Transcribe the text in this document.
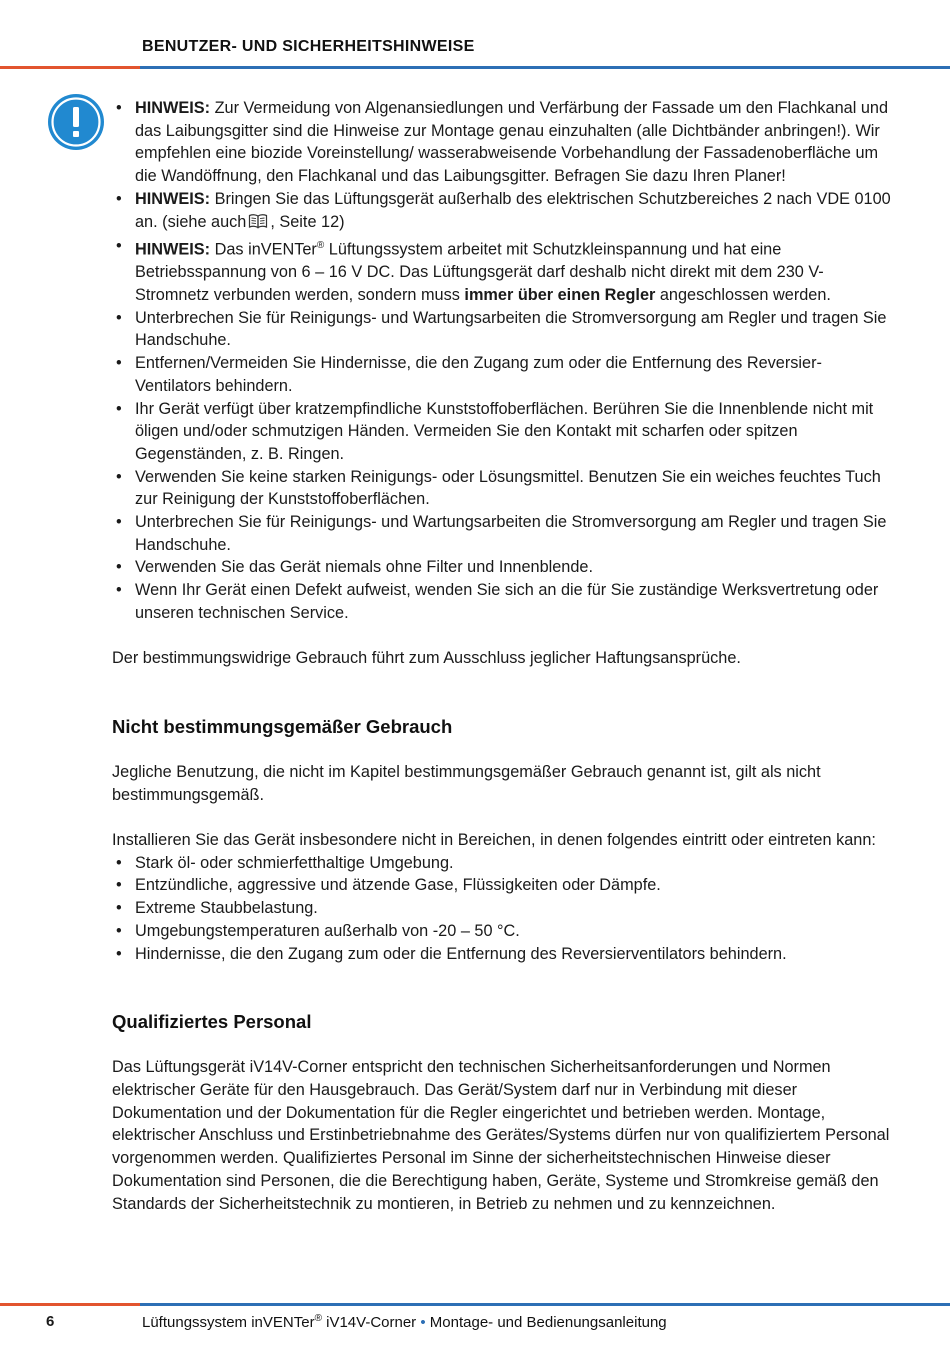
BENUTZER- UND SICHERHEITSHINWEISE
• HINWEIS: Zur Vermeidung von Algenansiedlungen und Verfärbung der Fassade um den Flachkanal und das Laibungsgitter sind die Hinweise zur Montage genau einzuhalten (alle Dichtbänder anbringen!). Wir empfehlen eine biozide Voreinstellung/ wasserabweisende Vorbehandlung der Fassadenoberfläche um die Wandöffnung, den Flachkanal und das Laibungsgitter. Befragen Sie dazu Ihren Planer!
• HINWEIS: Bringen Sie das Lüftungsgerät außerhalb des elektrischen Schutzbereiches 2 nach VDE 0100 an. (siehe auch , Seite 12)
• HINWEIS: Das inVENTer® Lüftungssystem arbeitet mit Schutzkleinspannung und hat eine Betriebsspannung von 6 – 16 V DC. Das Lüftungsgerät darf deshalb nicht direkt mit dem 230 V-Stromnetz verbunden werden, sondern muss immer über einen Regler angeschlossen werden.
• Unterbrechen Sie für Reinigungs- und Wartungsarbeiten die Stromversorgung am Regler und tragen Sie Handschuhe.
• Entfernen/Vermeiden Sie Hindernisse, die den Zugang zum oder die Entfernung des Reversier-Ventilators behindern.
• Ihr Gerät verfügt über kratzempfindliche Kunststoffoberflächen. Berühren Sie die Innenblende nicht mit öligen und/oder schmutzigen Händen. Vermeiden Sie den Kontakt mit scharfen oder spitzen Gegenständen, z. B. Ringen.
• Verwenden Sie keine starken Reinigungs- oder Lösungsmittel. Benutzen Sie ein weiches feuchtes Tuch zur Reinigung der Kunststoffoberflächen.
• Unterbrechen Sie für Reinigungs- und Wartungsarbeiten die Stromversorgung am Regler und tragen Sie Handschuhe.
• Verwenden Sie das Gerät niemals ohne Filter und Innenblende.
• Wenn Ihr Gerät einen Defekt aufweist, wenden Sie sich an die für Sie zuständige Werksvertretung oder unseren technischen Service.

Der bestimmungswidrige Gebrauch führt zum Ausschluss jeglicher Haftungsansprüche.

Nicht bestimmungsgemäßer Gebrauch

Jegliche Benutzung, die nicht im Kapitel bestimmungsgemäßer Gebrauch genannt ist, gilt als nicht bestimmungsgemäß.

Installieren Sie das Gerät insbesondere nicht in Bereichen, in denen folgendes eintritt oder eintreten kann:

• Stark öl- oder schmierfetthaltige Umgebung.
• Entzündliche, aggressive und ätzende Gase, Flüssigkeiten oder Dämpfe.
• Extreme Staubbelastung.
• Umgebungstemperaturen außerhalb von -20 – 50 °C.
• Hindernisse, die den Zugang zum oder die Entfernung des Reversierventilators behindern.
Qualifiziertes Personal

Das Lüftungsgerät iV14V-Corner entspricht den technischen Sicherheitsanforderungen und Normen elektrischer Geräte für den Hausgebrauch. Das Gerät/System darf nur in Verbindung mit dieser Dokumentation und der Dokumentation für die Regler eingerichtet und betrieben werden. Montage, elektrischer Anschluss und Erstinbetriebnahme des Gerätes/Systems dürfen nur von qualifiziertem Personal vorgenommen werden. Qualifiziertes Personal im Sinne der sicherheitstechnischen Hinweise dieser Dokumentation sind Personen, die die Berechtigung haben, Geräte, Systeme und Stromkreise gemäß den Standards der Sicherheitstechnik zu montieren, in Betrieb zu nehmen und zu kennzeichnen.

6	Lüftungssystem inVENTer® iV14V-Corner • Montage- und Bedienungsanleitung
